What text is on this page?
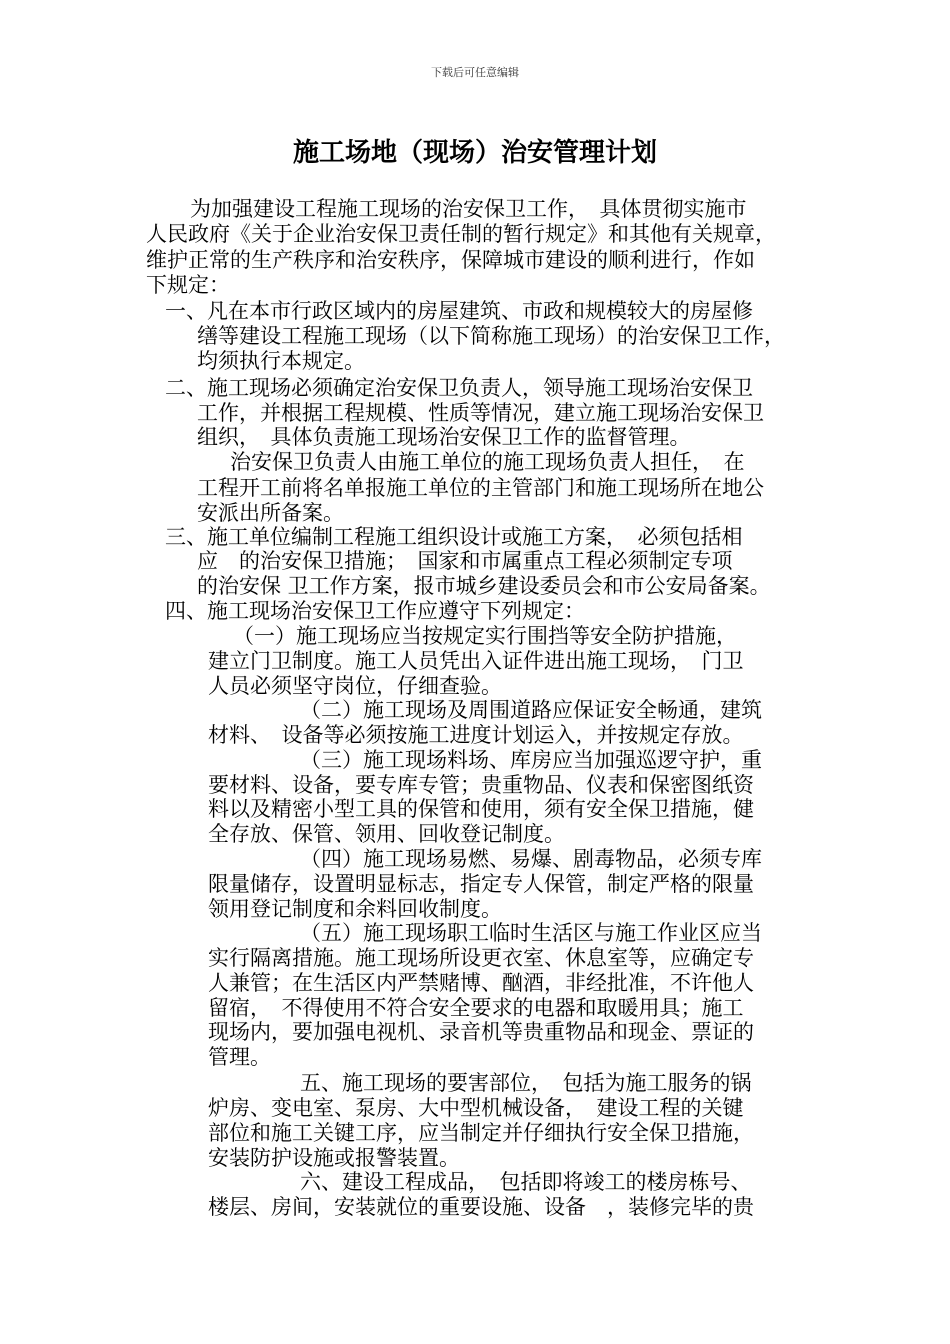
下载后可任意编辑
施工场地（现场）治安管理计划
为加强建设工程施工现场的治安保卫工作，　具体贯彻实施市
人民政府《关于企业治安保卫责任制的暂行规定》和其他有关规章，
维护正常的生产秩序和治安秩序，保障城市建设的顺利进行，作如
下规定：
一、凡在本市行政区域内的房屋建筑、市政和规模较大的房屋修
缮等建设工程施工现场（以下简称施工现场）的治安保卫工作，
均须执行本规定。
二、施工现场必须确定治安保卫负责人，领导施工现场治安保卫
工作，并根据工程规模、性质等情况，建立施工现场治安保卫
组织，　具体负责施工现场治安保卫工作的监督管理。
治安保卫负责人由施工单位的施工现场负责人担任，　在
工程开工前将名单报施工单位的主管部门和施工现场所在地公
安派出所备案。
三、施工单位编制工程施工组织设计或施工方案，　必须包括相
应　的治安保卫措施；　国家和市属重点工程必须制定专项
的治安保 卫工作方案，报市城乡建设委员会和市公安局备案。
四、施工现场治安保卫工作应遵守下列规定：
（一）施工现场应当按规定实行围挡等安全防护措施，
建立门卫制度。施工人员凭出入证件进出施工现场，　门卫
人员必须坚守岗位，仔细查验。
（二）施工现场及周围道路应保证安全畅通，建筑
材料、　设备等必须按施工进度计划运入，并按规定存放。
（三）施工现场料场、库房应当加强巡逻守护，重
要材料、设备，要专库专管；贵重物品、仪表和保密图纸资
料以及精密小型工具的保管和使用，须有安全保卫措施，健
全存放、保管、领用、回收登记制度。
（四）施工现场易燃、易爆、剧毒物品，必须专库
限量储存，设置明显标志，指定专人保管，制定严格的限量
领用登记制度和余料回收制度。
（五）施工现场职工临时生活区与施工作业区应当
实行隔离措施。施工现场所设更衣室、休息室等，应确定专
人兼管；在生活区内严禁赌博、酗酒，非经批准，不许他人
留宿，　不得使用不符合安全要求的电器和取暖用具；施工
现场内，要加强电视机、录音机等贵重物品和现金、票证的
管理。
五、施工现场的要害部位，　包括为施工服务的锅
炉房、变电室、泵房、大中型机械设备，　建设工程的关键
部位和施工关键工序，应当制定并仔细执行安全保卫措施，
安装防护设施或报警装置。
六、建设工程成品，　包括即将竣工的楼房栋号、
楼层、房间，安装就位的重要设施、设备　，装修完毕的贵
